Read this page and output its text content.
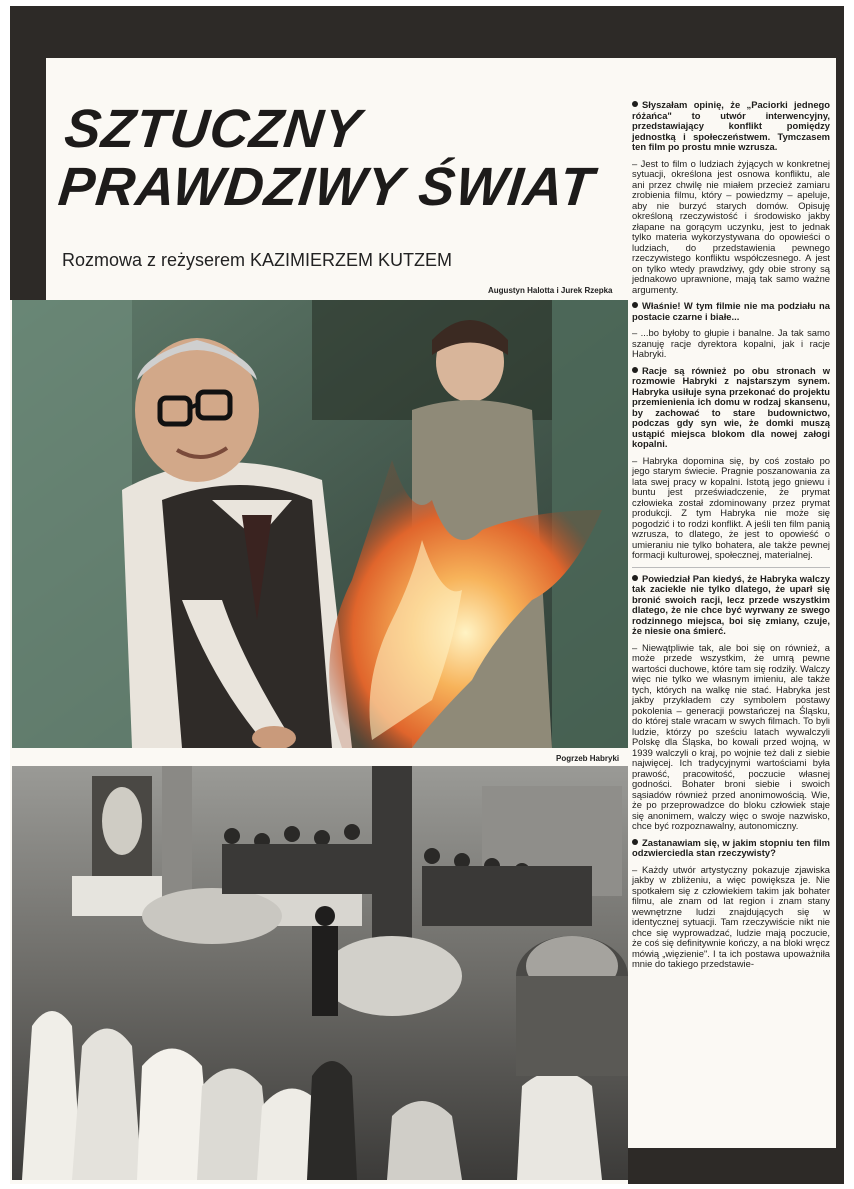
SZTUCZNY
PRAWDZIWY ŚWIAT
Rozmowa z reżyserem KAZIMIERZEM KUTZEM
Augustyn Halotta i Jurek Rzepka
Pogrzeb Habryki

Słyszałam opinię, że „Paciorki jednego różańca" to utwór interwencyjny, przedstawiający konflikt pomiędzy jednostką i społeczeństwem. Tymczasem ten film po prostu mnie wzrusza.

– Jest to film o ludziach żyjących w konkretnej sytuacji, określona jest osnowa konfliktu, ale ani przez chwilę nie miałem przecież zamiaru zrobienia filmu, który – powiedzmy – apeluje, aby nie burzyć starych domów. Opisuję określoną rzeczywistość i środowisko jakby złapane na gorącym uczynku, jest to jednak tylko materia wykorzystywana do opowieści o ludziach, do przedstawienia pewnego rzeczywistego konfliktu współczesnego. A jest on tylko wtedy prawdziwy, gdy obie strony są jednakowo uprawnione, mają tak samo ważne argumenty.

Właśnie! W tym filmie nie ma podziału na postacie czarne i białe...

– ...bo byłoby to głupie i banalne. Ja tak samo szanuję racje dyrektora kopalni, jak i racje Habryki.

Racje są również po obu stronach w rozmowie Habryki z najstarszym synem. Habryka usiłuje syna przekonać do projektu przemienienia ich domu w rodzaj skansenu, by zachować to stare budownictwo, podczas gdy syn wie, że domki muszą ustąpić miejsca blokom dla nowej załogi kopalni.

– Habryka dopomina się, by coś zostało po jego starym świecie. Pragnie poszanowania za lata swej pracy w kopalni. Istotą jego gniewu i buntu jest przeświadczenie, że prymat człowieka został zdominowany przez prymat produkcji. Z tym Habryka nie może się pogodzić i to rodzi konflikt. A jeśli ten film panią wzrusza, to dlatego, że jest to opowieść o umieraniu nie tylko bohatera, ale także pewnej formacji kulturowej, społecznej, materialnej.

Powiedział Pan kiedyś, że Habryka walczy tak zaciekle nie tylko dlatego, że uparł się bronić swoich racji, lecz przede wszystkim dlatego, że nie chce być wyrwany ze swego rodzinnego miejsca, boi się zmiany, czuje, że niesie ona śmierć.

– Niewątpliwie tak, ale boi się on również, a może przede wszystkim, że umrą pewne wartości duchowe, które tam się rodziły. Walczy więc nie tylko we własnym imieniu, ale także tych, których na walkę nie stać. Habryka jest jakby przykładem czy symbolem postawy pokolenia – generacji powstańczej na Śląsku, do której stale wracam w swych filmach. To byli ludzie, którzy po sześciu latach wywalczyli Polskę dla Śląska, bo kowali przed wojną, w 1939 walczyli o kraj, po wojnie też dali z siebie najwięcej. Ich tradycyjnymi wartościami była prawość, pracowitość, poczucie własnej godności. Bohater broni siebie i swoich sąsiadów również przed anonimowością. Wie, że po przeprowadzce do bloku człowiek staje się anonimem, walczy więc o swoje nazwisko, chce być rozpoznawalny, autonomiczny.

Zastanawiam się, w jakim stopniu ten film odzwierciedla stan rzeczywisty?

– Każdy utwór artystyczny pokazuje zjawiska jakby w zbliżeniu, a więc powiększa je. Nie spotkałem się z człowiekiem takim jak bohater filmu, ale znam od lat region i znam stany wewnętrzne ludzi znajdujących się w identycznej sytuacji. Tam rzeczywiście nikt nie chce się wyprowadzać, ludzie mają poczucie, że coś się definitywnie kończy, a na bloki wręcz mówią „więzienie". I ta ich postawa upoważniła mnie do takiego przedstawie-
